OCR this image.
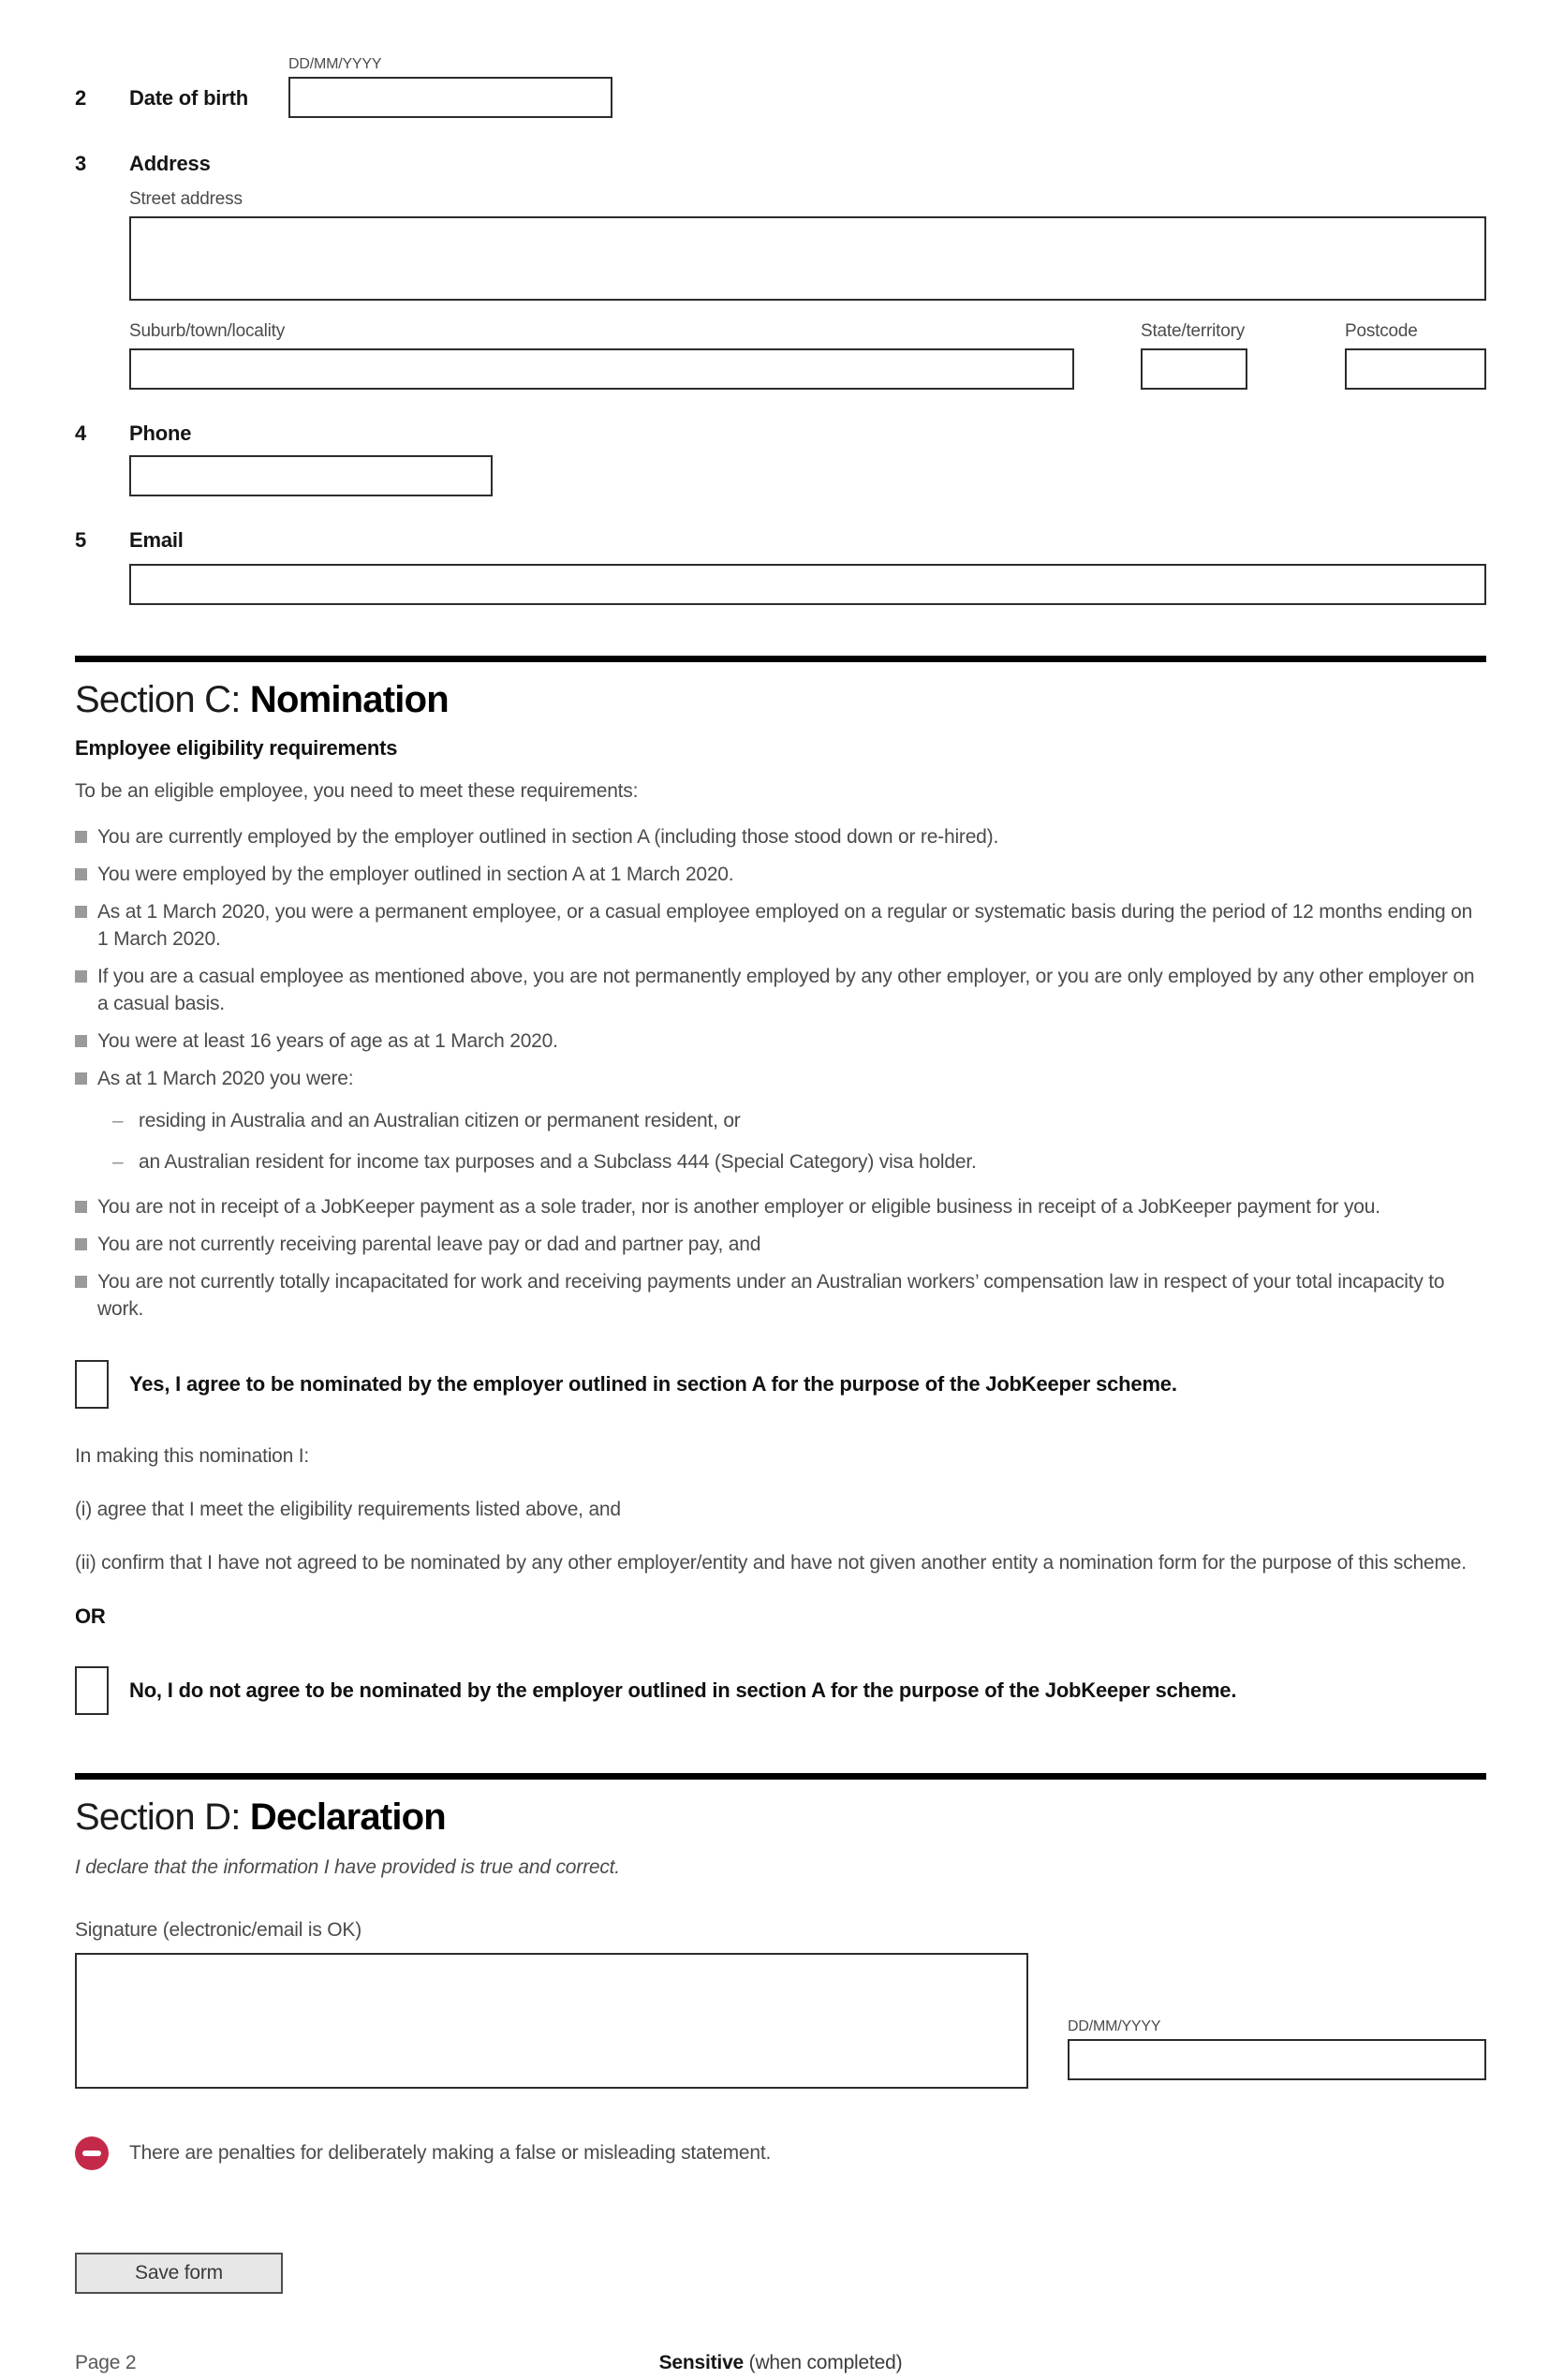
2	Date of birth
DD/MM/YYYY
3	Address
Street address
Suburb/town/locality	State/territory	Postcode
4	Phone
5	Email
Section C: Nomination
Employee eligibility requirements

To be an eligible employee, you need to meet these requirements:

You are currently employed by the employer outlined in section A (including those stood down or re-hired).
You were employed by the employer outlined in section A at 1 March 2020.
As at 1 March 2020, you were a permanent employee, or a casual employee employed on a regular or systematic basis during the period of 12 months ending on 1 March 2020.
If you are a casual employee as mentioned above, you are not permanently employed by any other employer, or you are only employed by any other employer on a casual basis.
You were at least 16 years of age as at 1 March 2020.
As at 1 March 2020 you were:
– residing in Australia and an Australian citizen or permanent resident, or
– an Australian resident for income tax purposes and a Subclass 444 (Special Category) visa holder.
You are not in receipt of a JobKeeper payment as a sole trader, nor is another employer or eligible business in receipt of a JobKeeper payment for you.
You are not currently receiving parental leave pay or dad and partner pay, and
You are not currently totally incapacitated for work and receiving payments under an Australian workers’ compensation law in respect of your total incapacity to work.
Yes, I agree to be nominated by the employer outlined in section A for the purpose of the JobKeeper scheme.

In making this nomination I:

(i) agree that I meet the eligibility requirements listed above, and

(ii) confirm that I have not agreed to be nominated by any other employer/entity and have not given another entity a nomination form for the purpose of this scheme.

OR

No, I do not agree to be nominated by the employer outlined in section A for the purpose of the JobKeeper scheme.
Section D: Declaration

I declare that the information I have provided is true and correct.

Signature (electronic/email is OK)

DD/MM/YYYY
There are penalties for deliberately making a false or misleading statement.
Save form
Page 2	Sensitive (when completed)
